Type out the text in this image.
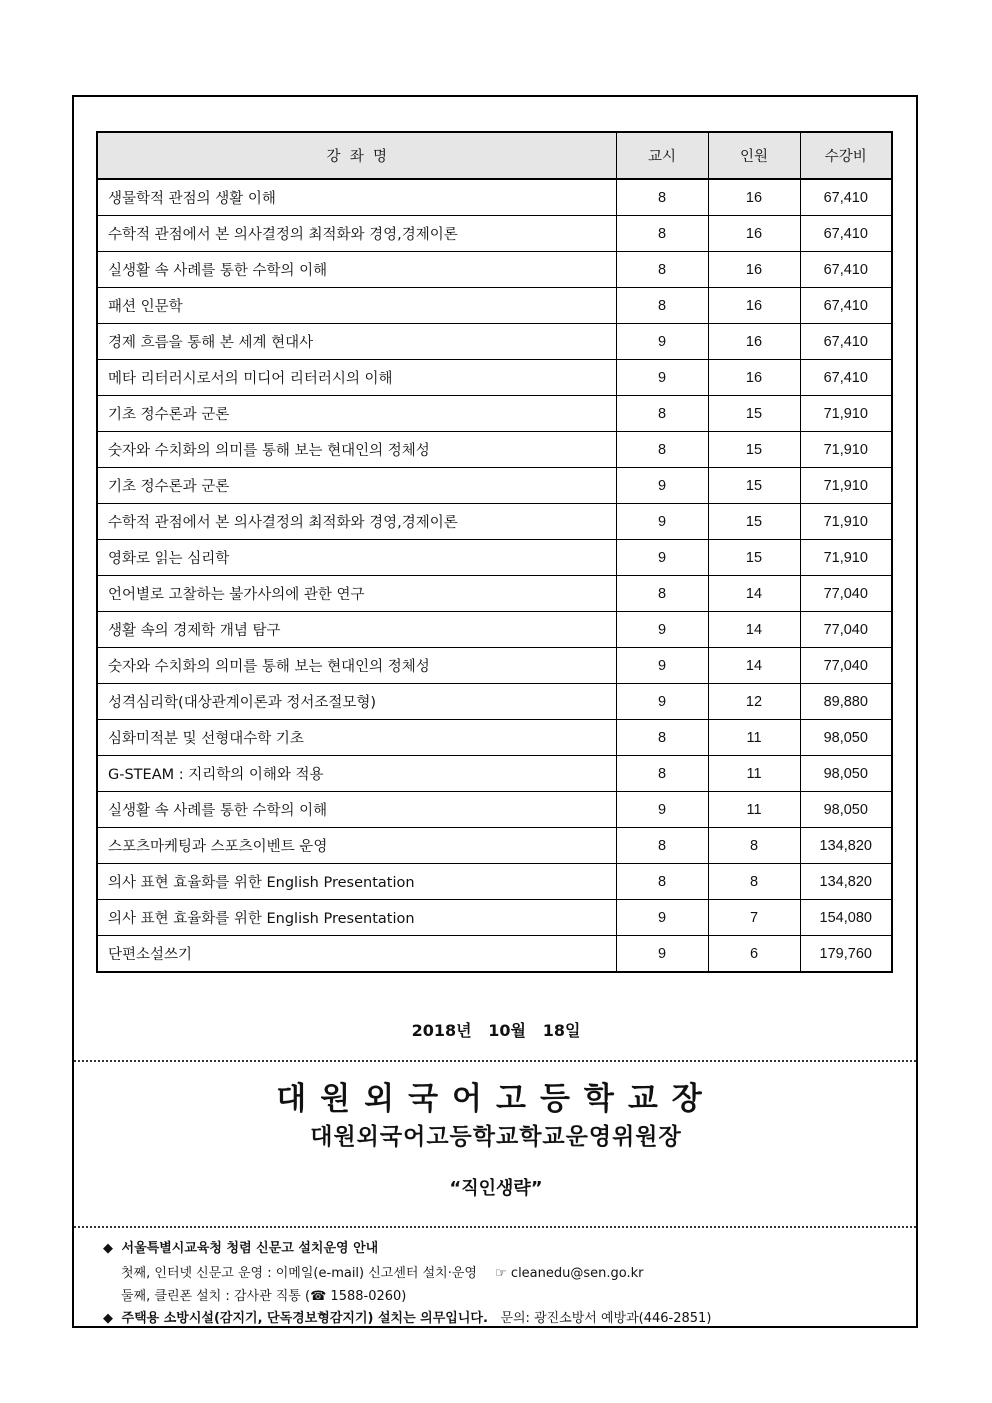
강  좌  명	교시	인원	수강비
생물학적 관점의 생활 이해	8	16	67,410
수학적 관점에서 본 의사결정의 최적화와 경영,경제이론	8	16	67,410
실생활 속 사례를 통한 수학의 이해	8	16	67,410
패션 인문학	8	16	67,410
경제 흐름을 통해 본 세계 현대사	9	16	67,410
메타 리터러시로서의 미디어 리터러시의 이해	9	16	67,410
기초 정수론과 군론	8	15	71,910
숫자와 수치화의 의미를 통해 보는 현대인의 정체성	8	15	71,910
기초 정수론과 군론	9	15	71,910
수학적 관점에서 본 의사결정의 최적화와 경영,경제이론	9	15	71,910
영화로 읽는 심리학	9	15	71,910
언어별로 고찰하는 불가사의에 관한 연구	8	14	77,040
생활 속의 경제학 개념 탐구	9	14	77,040
숫자와 수치화의 의미를 통해 보는 현대인의 정체성	9	14	77,040
성격심리학(대상관계이론과 정서조절모형)	9	12	89,880
심화미적분 및 선형대수학 기초	8	11	98,050
G-STEAM : 지리학의 이해와 적용	8	11	98,050
실생활 속 사례를 통한 수학의 이해	9	11	98,050
스포츠마케팅과 스포츠이벤트 운영	8	8	134,820
의사 표현 효율화를 위한 English Presentation	8	8	134,820
의사 표현 효율화를 위한 English Presentation	9	7	154,080
단편소설쓰기	9	6	179,760
2018년   10월   18일
대원외국어고등학교장
대원외국어고등학교학교운영위원장
“직인생략”
◆ 서울특별시교육청 청렴 신문고 설치운영 안내
첫째, 인터넷 신문고 운영 : 이메일(e-mail) 신고센터 설치·운영 ☞ cleanedu@sen.go.kr
둘째, 클린폰 설치 : 감사관 직통 (☎ 1588-0260)
◆ 주택용 소방시설(감지기, 단독경보형감지기) 설치는 의무입니다. 문의: 광진소방서 예방과(446-2851)
